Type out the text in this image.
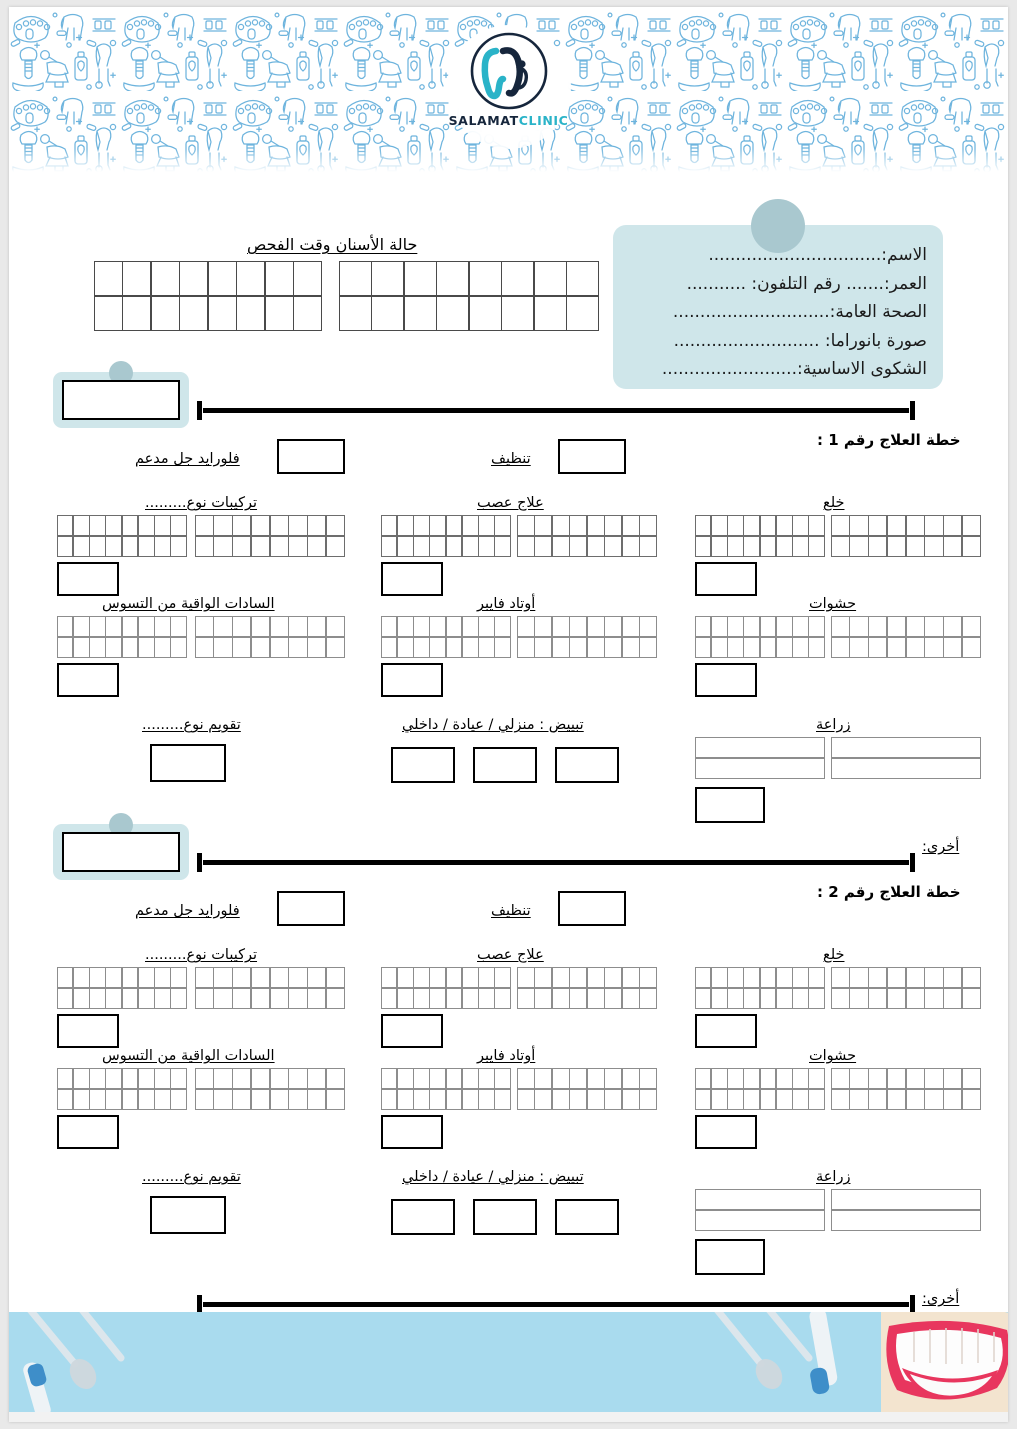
SALAMATCLINIC
الاسم:................................
العمر:....... رقم التلفون: ...........
الصحة العامة:.............................
صورة بانوراما: ...........................
الشكوى الاساسية:.........................
حالة الأسنان وقت الفحص
خطة العلاج رقم 1 :
تنظيف
فلورايد جل مدعم
خلع
علاج عصب
تركيبات نوع.........
حشوات
أوتاد فايبر
السادات الواقية من التسوس
زراعة
تبييض : منزلي / عيادة / داخلي
تقويم نوع.........
أخرى:
خطة العلاج رقم 2 :
تنظيف
فلورايد جل مدعم
خلع
علاج عصب
تركيبات نوع.........
حشوات
أوتاد فايبر
السادات الواقية من التسوس
زراعة
تبييض : منزلي / عيادة / داخلي
تقويم نوع.........
أخرى:
